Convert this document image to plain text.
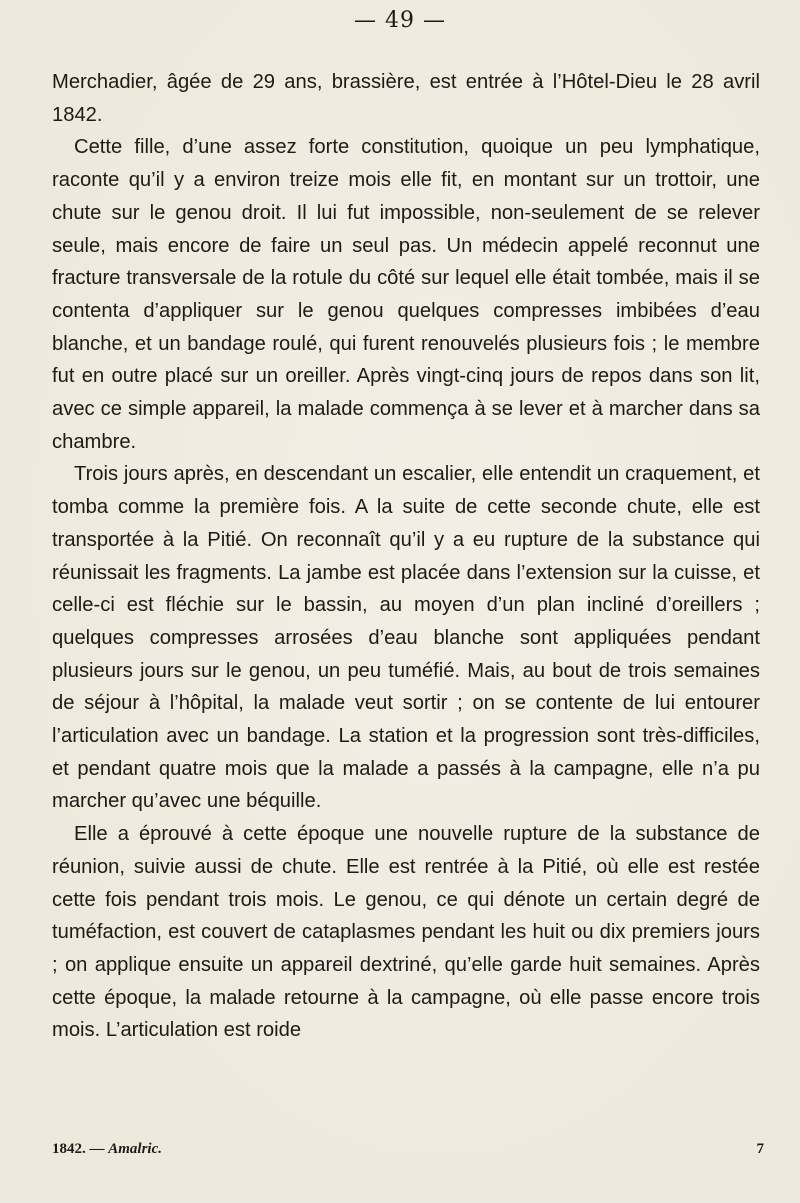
— 49 —

Merchadier, âgée de 29 ans, brassière, est entrée à l’Hôtel-Dieu le 28 avril 1842.

Cette fille, d’une assez forte constitution, quoique un peu lymphatique, raconte qu’il y a environ treize mois elle fit, en montant sur un trottoir, une chute sur le genou droit. Il lui fut impossible, non-seulement de se relever seule, mais encore de faire un seul pas. Un médecin appelé reconnut une fracture transversale de la rotule du côté sur lequel elle était tombée, mais il se contenta d’appliquer sur le genou quelques compresses imbibées d’eau blanche, et un bandage roulé, qui furent renouvelés plusieurs fois ; le membre fut en outre placé sur un oreiller. Après vingt-cinq jours de repos dans son lit, avec ce simple appareil, la malade commença à se lever et à marcher dans sa chambre.

Trois jours après, en descendant un escalier, elle entendit un craquement, et tomba comme la première fois. A la suite de cette seconde chute, elle est transportée à la Pitié. On reconnaît qu’il y a eu rupture de la substance qui réunissait les fragments. La jambe est placée dans l’extension sur la cuisse, et celle-ci est fléchie sur le bassin, au moyen d’un plan incliné d’oreillers ; quelques compresses arrosées d’eau blanche sont appliquées pendant plusieurs jours sur le genou, un peu tuméfié. Mais, au bout de trois semaines de séjour à l’hôpital, la malade veut sortir ; on se contente de lui entourer l’articulation avec un bandage. La station et la progression sont très-difficiles, et pendant quatre mois que la malade a passés à la campagne, elle n’a pu marcher qu’avec une béquille.

Elle a éprouvé à cette époque une nouvelle rupture de la substance de réunion, suivie aussi de chute. Elle est rentrée à la Pitié, où elle est restée cette fois pendant trois mois. Le genou, ce qui dénote un certain degré de tuméfaction, est couvert de cataplasmes pendant les huit ou dix premiers jours ; on applique ensuite un appareil dextriné, qu’elle garde huit semaines. Après cette époque, la malade retourne à la campagne, où elle passe encore trois mois. L’articulation est roide

1842. — Amalric.	7
